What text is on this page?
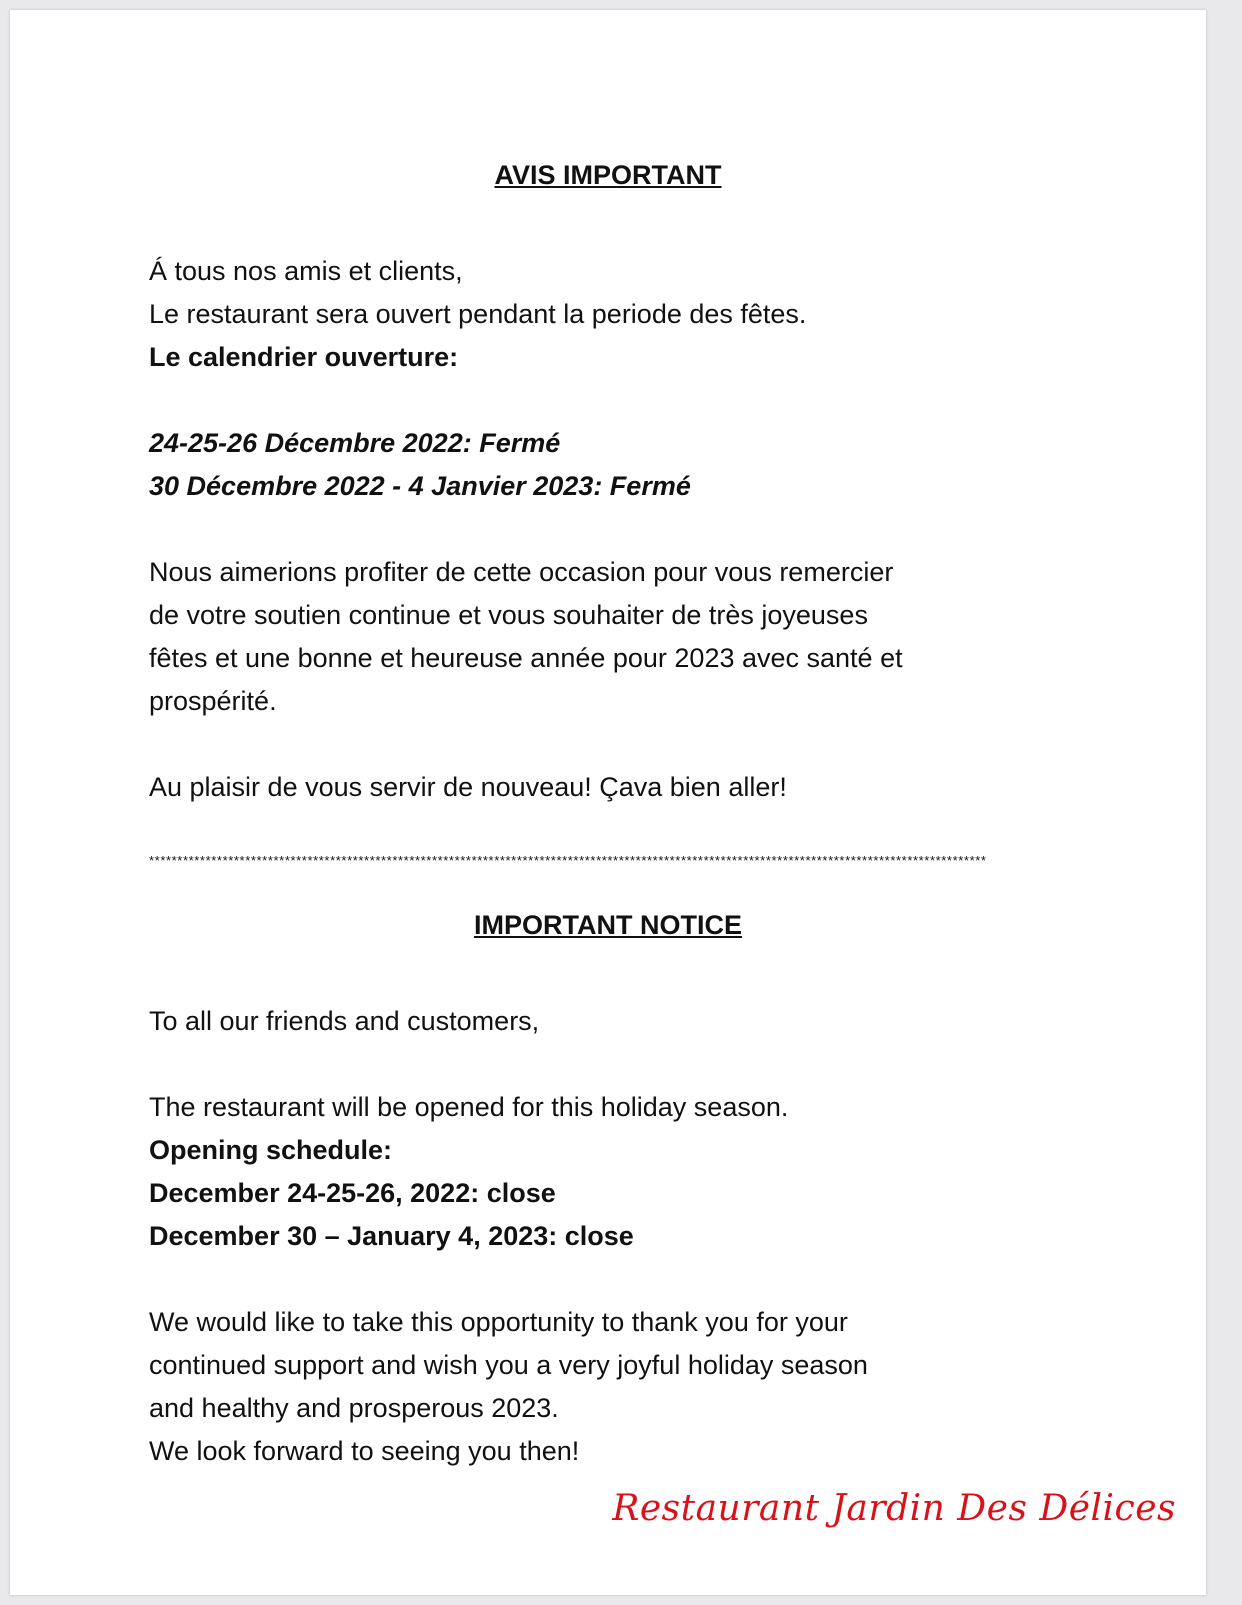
AVIS IMPORTANT
Á tous nos amis et clients,
Le restaurant sera ouvert pendant la periode des fêtes.
Le calendrier ouverture:
24-25-26 Décembre 2022: Fermé
30 Décembre 2022 - 4 Janvier 2023: Fermé
Nous aimerions profiter de cette occasion pour vous remercier
de votre soutien continue et vous souhaiter de très joyeuses
fêtes et une bonne et heureuse année pour 2023 avec santé et
prospérité.
Au plaisir de vous servir de nouveau! Çava bien aller!
****************************************************************************************************************************************************
IMPORTANT NOTICE
To all our friends and customers,
The restaurant will be opened for this holiday season.
Opening schedule:
December 24-25-26, 2022: close
December 30 – January 4, 2023: close
We would like to take this opportunity to thank you for your
continued support and wish you a very joyful holiday season
and healthy and prosperous 2023.
We look forward to seeing you then!
Restaurant Jardin Des Délices
